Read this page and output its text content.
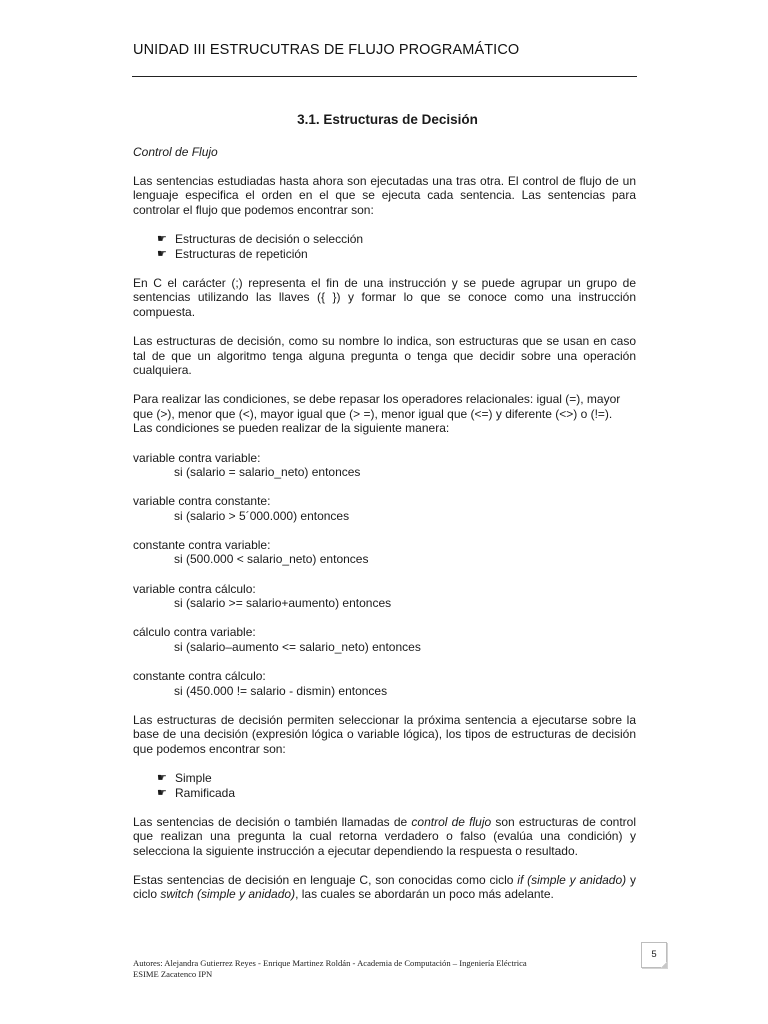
UNIDAD III ESTRUCUTRAS DE FLUJO PROGRAMÁTICO
3.1. Estructuras de Decisión

Control de Flujo

Las sentencias estudiadas hasta ahora son ejecutadas una tras otra. El control de flujo de un lenguaje especifica el orden en el que se ejecuta cada sentencia. Las sentencias para controlar el flujo que podemos encontrar son:

☛ Estructuras de decisión o selección
☛ Estructuras de repetición

En C el carácter (;) representa el fin de una instrucción y se puede agrupar un grupo de sentencias utilizando las llaves ({ }) y formar lo que se conoce como una instrucción compuesta.

Las estructuras de decisión, como su nombre lo indica, son estructuras que se usan en caso tal de que un algoritmo tenga alguna pregunta o tenga que decidir sobre una operación cualquiera.

Para realizar las condiciones, se debe repasar los operadores relacionales: igual (=), mayor que (>), menor que (<), mayor igual que (> =), menor igual que (<=) y diferente (<>) o (!=).

Las condiciones se pueden realizar de la siguiente manera:

variable contra variable:

si (salario = salario_neto) entonces

variable contra constante:

si (salario > 5´000.000) entonces

constante contra variable:

si (500.000 < salario_neto) entonces

variable contra cálculo:

si (salario >= salario+aumento) entonces

cálculo contra variable:

si (salario–aumento <= salario_neto) entonces

constante contra cálculo:

si (450.000 != salario - dismin) entonces

Las estructuras de decisión permiten seleccionar la próxima sentencia a ejecutarse sobre la base de una decisión (expresión lógica o variable lógica), los tipos de estructuras de decisión que podemos encontrar son:

☛ Simple
☛ Ramificada

Las sentencias de decisión o también llamadas de control de flujo son estructuras de control que realizan una pregunta la cual retorna verdadero o falso (evalúa una condición) y selecciona la siguiente instrucción a ejecutar dependiendo la respuesta o resultado.

Estas sentencias de decisión en lenguaje C, son conocidas como ciclo if (simple y anidado) y ciclo switch (simple y anidado), las cuales se abordarán un poco más adelante.

Autores: Alejandra Gutierrez Reyes - Enrique Martinez Roldán - Academia de Computación – Ingeniería Eléctrica
ESIME Zacatenco IPN
5
